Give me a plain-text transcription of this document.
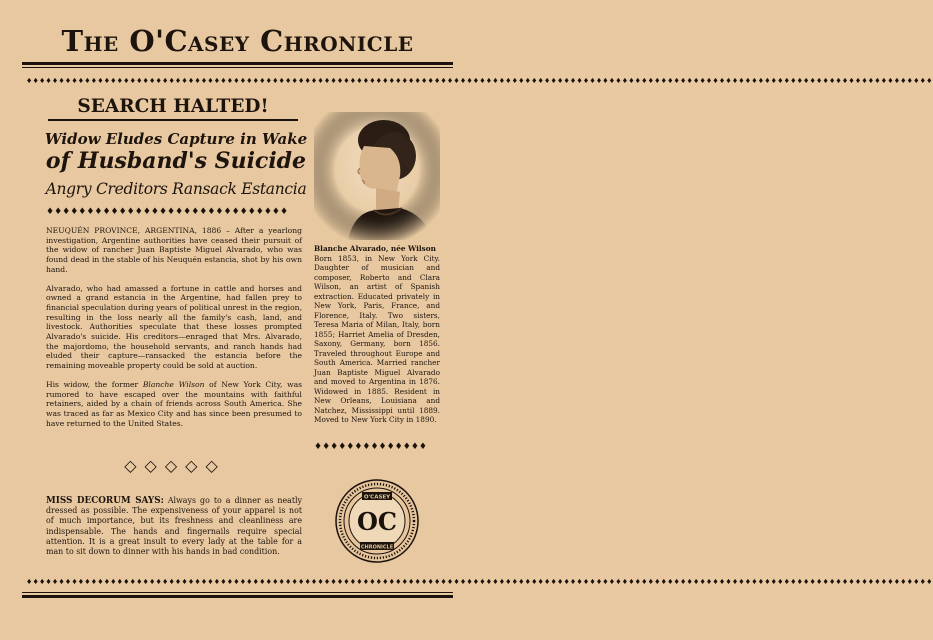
The O'Casey Chronicle
♦♦♦♦♦♦♦♦♦♦♦♦♦♦♦♦♦♦♦♦♦♦♦♦♦♦♦♦♦♦♦♦♦♦♦♦♦♦♦♦♦♦♦♦♦♦♦♦♦♦♦♦♦♦♦♦♦♦♦♦♦♦♦♦♦♦♦♦♦♦♦♦♦♦♦♦♦♦♦♦♦♦♦♦♦♦♦♦♦♦♦♦♦♦♦♦♦♦♦♦♦♦♦♦♦♦♦♦♦♦♦♦♦♦♦♦♦♦♦♦♦♦♦♦♦♦♦♦♦♦♦♦♦♦♦♦♦♦♦♦
SEARCH HALTED!
Widow Eludes Capture in Wake
of Husband's Suicide
Angry Creditors Ransack Estancia
♦♦♦♦♦♦♦♦♦♦♦♦♦♦♦♦♦♦♦♦♦♦♦♦♦♦♦♦♦♦

NEUQUÉN PROVINCE, ARGENTINA, 1886 – After a yearlong investigation, Argentine authorities have ceased their pursuit of the widow of rancher Juan Baptiste Miguel Alvarado, who was found dead in the stable of his Neuquén estancia, shot by his own hand.

Alvarado, who had amassed a fortune in cattle and horses and owned a grand estancia in the Argentine, had fallen prey to financial speculation during years of political unrest in the region, resulting in the loss nearly all the family's cash, land, and livestock. Authorities speculate that these losses prompted Alvarado's suicide. His creditors—enraged that Mrs. Alvarado, the majordomo, the household servants, and ranch hands had eluded their capture—ransacked the estancia before the remaining moveable property could be sold at auction.

His widow, the former Blanche Wilson of New York City, was rumored to have escaped over the mountains with faithful retainers, aided by a chain of friends across South America. She was traced as far as Mexico City and has since been presumed to have returned to the United States.

Blanche Alvarado, née Wilson
Born 1853, in New York City. Daughter of musician and composer, Roberto and Clara Wilson, an artist of Spanish extraction. Educated privately in New York, Paris, France, and Florence, Italy. Two sisters, Teresa Maria of Milan, Italy, born 1855; Harriet Amelia of Dresden, Saxony, Germany, born 1856. Traveled throughout Europe and South America. Married rancher Juan Baptiste Miguel Alvarado and moved to Argentina in 1876. Widowed in 1885. Resident in New Orleans, Louisiana and Natchez, Mississippi until 1889. Moved to New York City in 1890.
♦♦♦♦♦♦♦♦♦♦♦♦♦♦
◇◇◇◇◇
MISS DECORUM SAYS: Always go to a dinner as neatly dressed as possible. The expensiveness of your apparel is not of much importance, but its freshness and cleanliness are indispensable. The hands and fingernails require special attention. It is a great insult to every lady at the table for a man to sit down to dinner with his hands in bad condition.
O'CASEY
CHRONICLE
OC
♦♦♦♦♦♦♦♦♦♦♦♦♦♦♦♦♦♦♦♦♦♦♦♦♦♦♦♦♦♦♦♦♦♦♦♦♦♦♦♦♦♦♦♦♦♦♦♦♦♦♦♦♦♦♦♦♦♦♦♦♦♦♦♦♦♦♦♦♦♦♦♦♦♦♦♦♦♦♦♦♦♦♦♦♦♦♦♦♦♦♦♦♦♦♦♦♦♦♦♦♦♦♦♦♦♦♦♦♦♦♦♦♦♦♦♦♦♦♦♦♦♦♦♦♦♦♦♦♦♦♦♦♦♦♦♦♦♦♦♦
